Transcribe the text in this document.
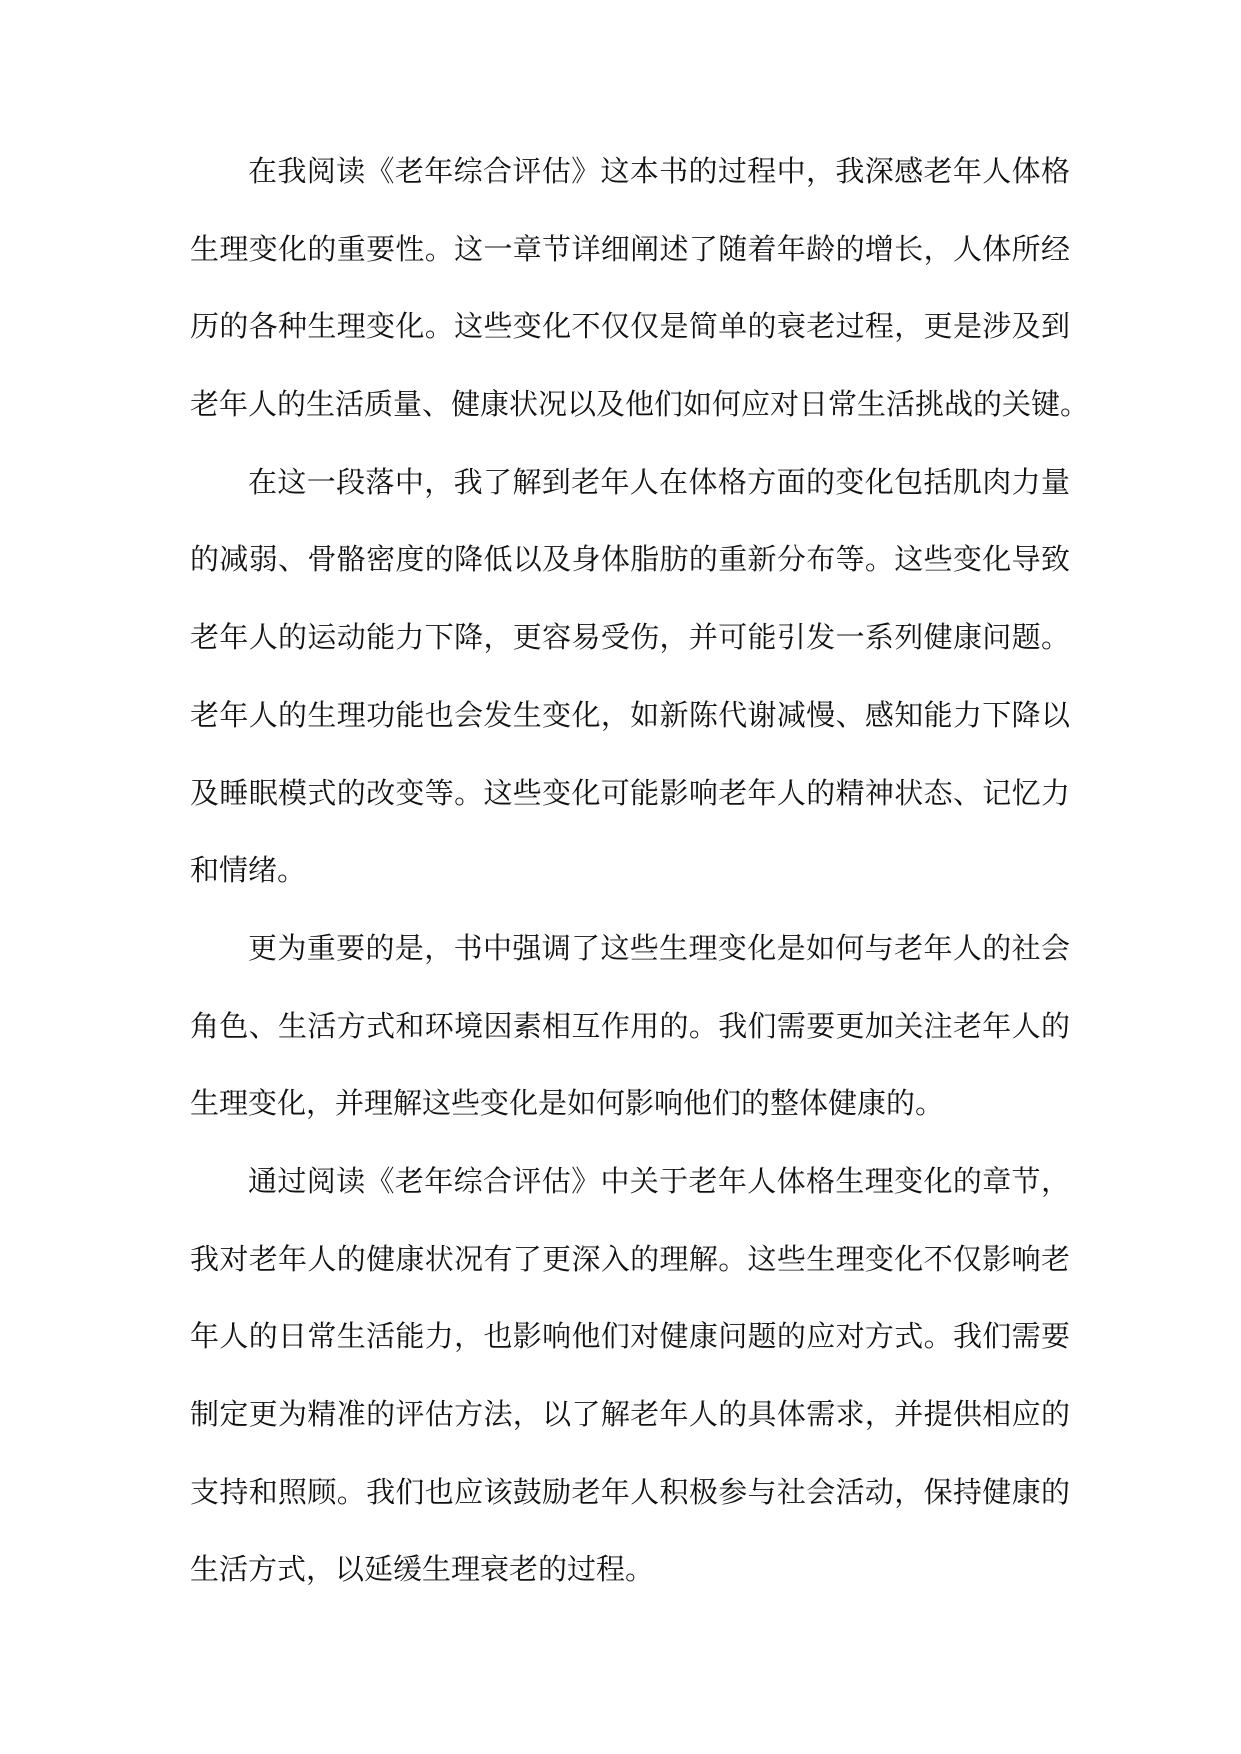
在我阅读《老年综合评估》这本书的过程中，我深感老年人体格
生理变化的重要性。这一章节详细阐述了随着年龄的增长，人体所经
历的各种生理变化。这些变化不仅仅是简单的衰老过程，更是涉及到
老年人的生活质量、健康状况以及他们如何应对日常生活挑战的关键。
在这一段落中，我了解到老年人在体格方面的变化包括肌肉力量
的减弱、骨骼密度的降低以及身体脂肪的重新分布等。这些变化导致
老年人的运动能力下降，更容易受伤，并可能引发一系列健康问题。
老年人的生理功能也会发生变化，如新陈代谢减慢、感知能力下降以
及睡眠模式的改变等。这些变化可能影响老年人的精神状态、记忆力
和情绪。
更为重要的是，书中强调了这些生理变化是如何与老年人的社会
角色、生活方式和环境因素相互作用的。我们需要更加关注老年人的
生理变化，并理解这些变化是如何影响他们的整体健康的。
通过阅读《老年综合评估》中关于老年人体格生理变化的章节，
我对老年人的健康状况有了更深入的理解。这些生理变化不仅影响老
年人的日常生活能力，也影响他们对健康问题的应对方式。我们需要
制定更为精准的评估方法，以了解老年人的具体需求，并提供相应的
支持和照顾。我们也应该鼓励老年人积极参与社会活动，保持健康的
生活方式，以延缓生理衰老的过程。
